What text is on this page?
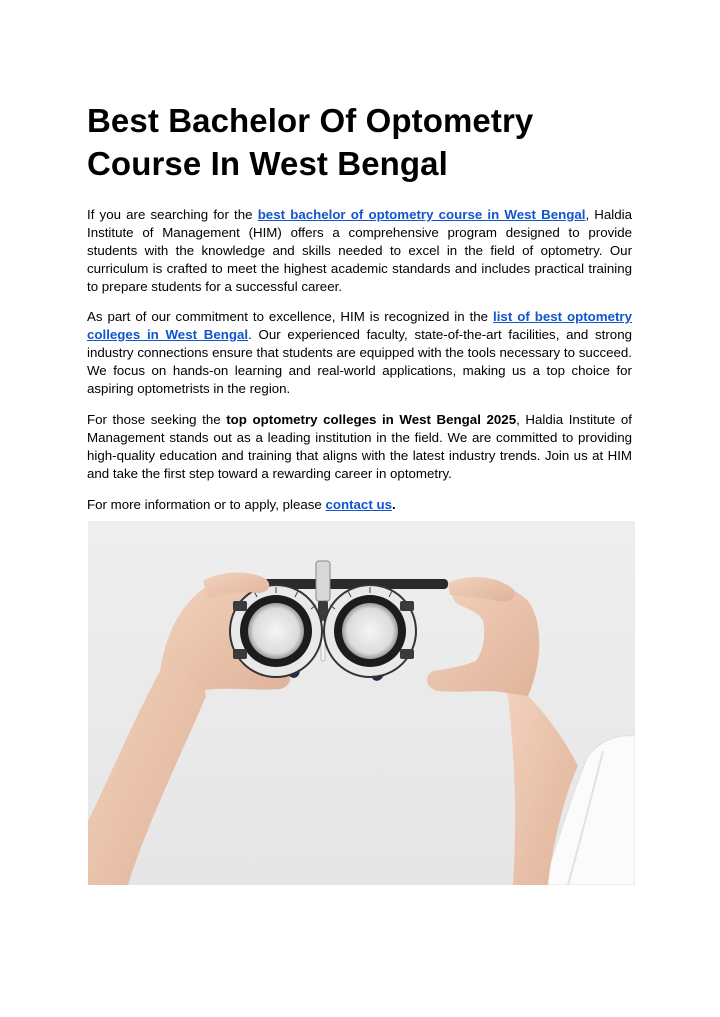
Best Bachelor Of Optometry Course In West Bengal

If you are searching for the best bachelor of optometry course in West Bengal, Haldia Institute of Management (HIM) offers a comprehensive program designed to provide students with the knowledge and skills needed to excel in the field of optometry. Our curriculum is crafted to meet the highest academic standards and includes practical training to prepare students for a successful career.

As part of our commitment to excellence, HIM is recognized in the list of best optometry colleges in West Bengal. Our experienced faculty, state-of-the-art facilities, and strong industry connections ensure that students are equipped with the tools necessary to succeed. We focus on hands-on learning and real-world applications, making us a top choice for aspiring optometrists in the region.

For those seeking the top optometry colleges in West Bengal 2025, Haldia Institute of Management stands out as a leading institution in the field. We are committed to providing high-quality education and training that aligns with the latest industry trends. Join us at HIM and take the first step toward a rewarding career in optometry.

For more information or to apply, please contact us.
